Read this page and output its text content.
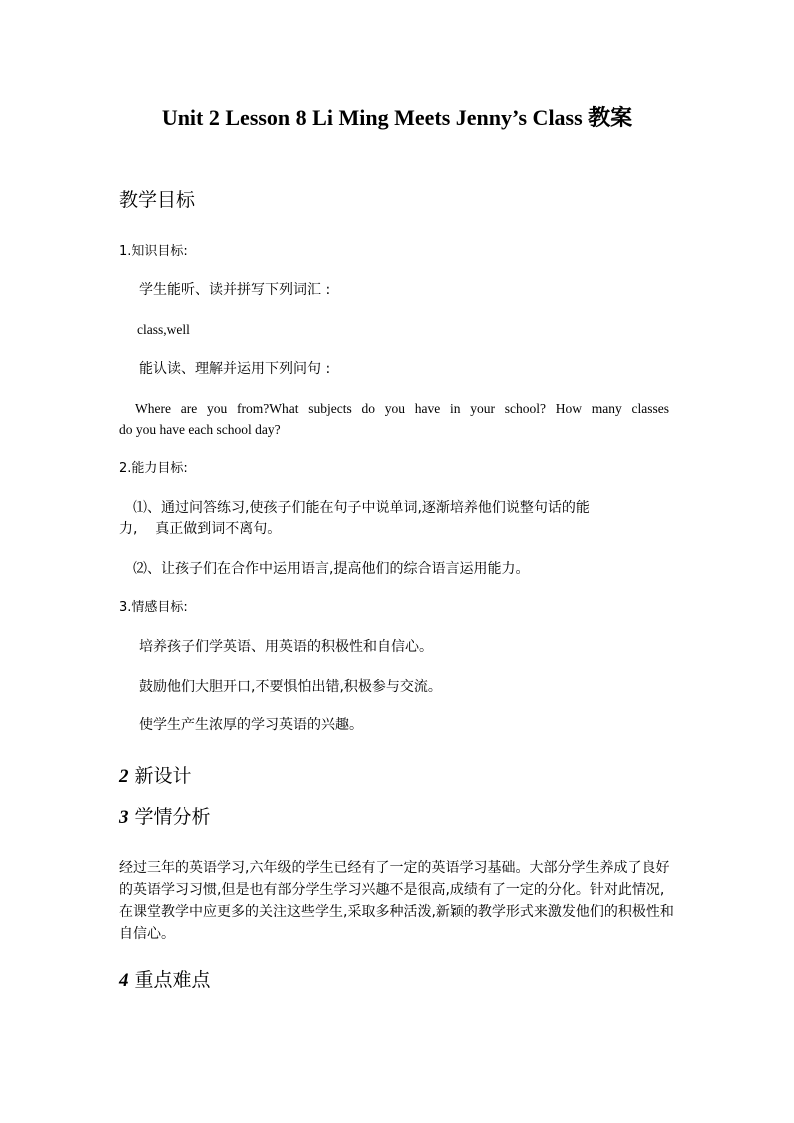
Unit 2 Lesson 8 Li Ming Meets Jenny’s Class 教案
教学目标
1.知识目标:
学生能听、读并拼写下列词汇 :
class,well
能认读、理解并运用下列问句 :
Where are you from?What subjects do you have in your school? How many classes
do you have each school day?
2.能力目标:
⑴、通过问答练习,使孩子们能在句子中说单词,逐渐培养他们说整句话的能
力,    真正做到词不离句。
⑵、让孩子们在合作中运用语言,提高他们的综合语言运用能力。
3.情感目标:
培养孩子们学英语、用英语的积极性和自信心。
鼓励他们大胆开口,不要惧怕出错,积极参与交流。
使学生产生浓厚的学习英语的兴趣。
2 新设计
3 学情分析
经过三年的英语学习,六年级的学生已经有了一定的英语学习基础。大部分学生养成了良好的英语学习习惯,但是也有部分学生学习兴趣不是很高,成绩有了一定的分化。针对此情况,在课堂教学中应更多的关注这些学生,采取多种活泼,新颖的教学形式来激发他们的积极性和自信心。
4 重点难点
